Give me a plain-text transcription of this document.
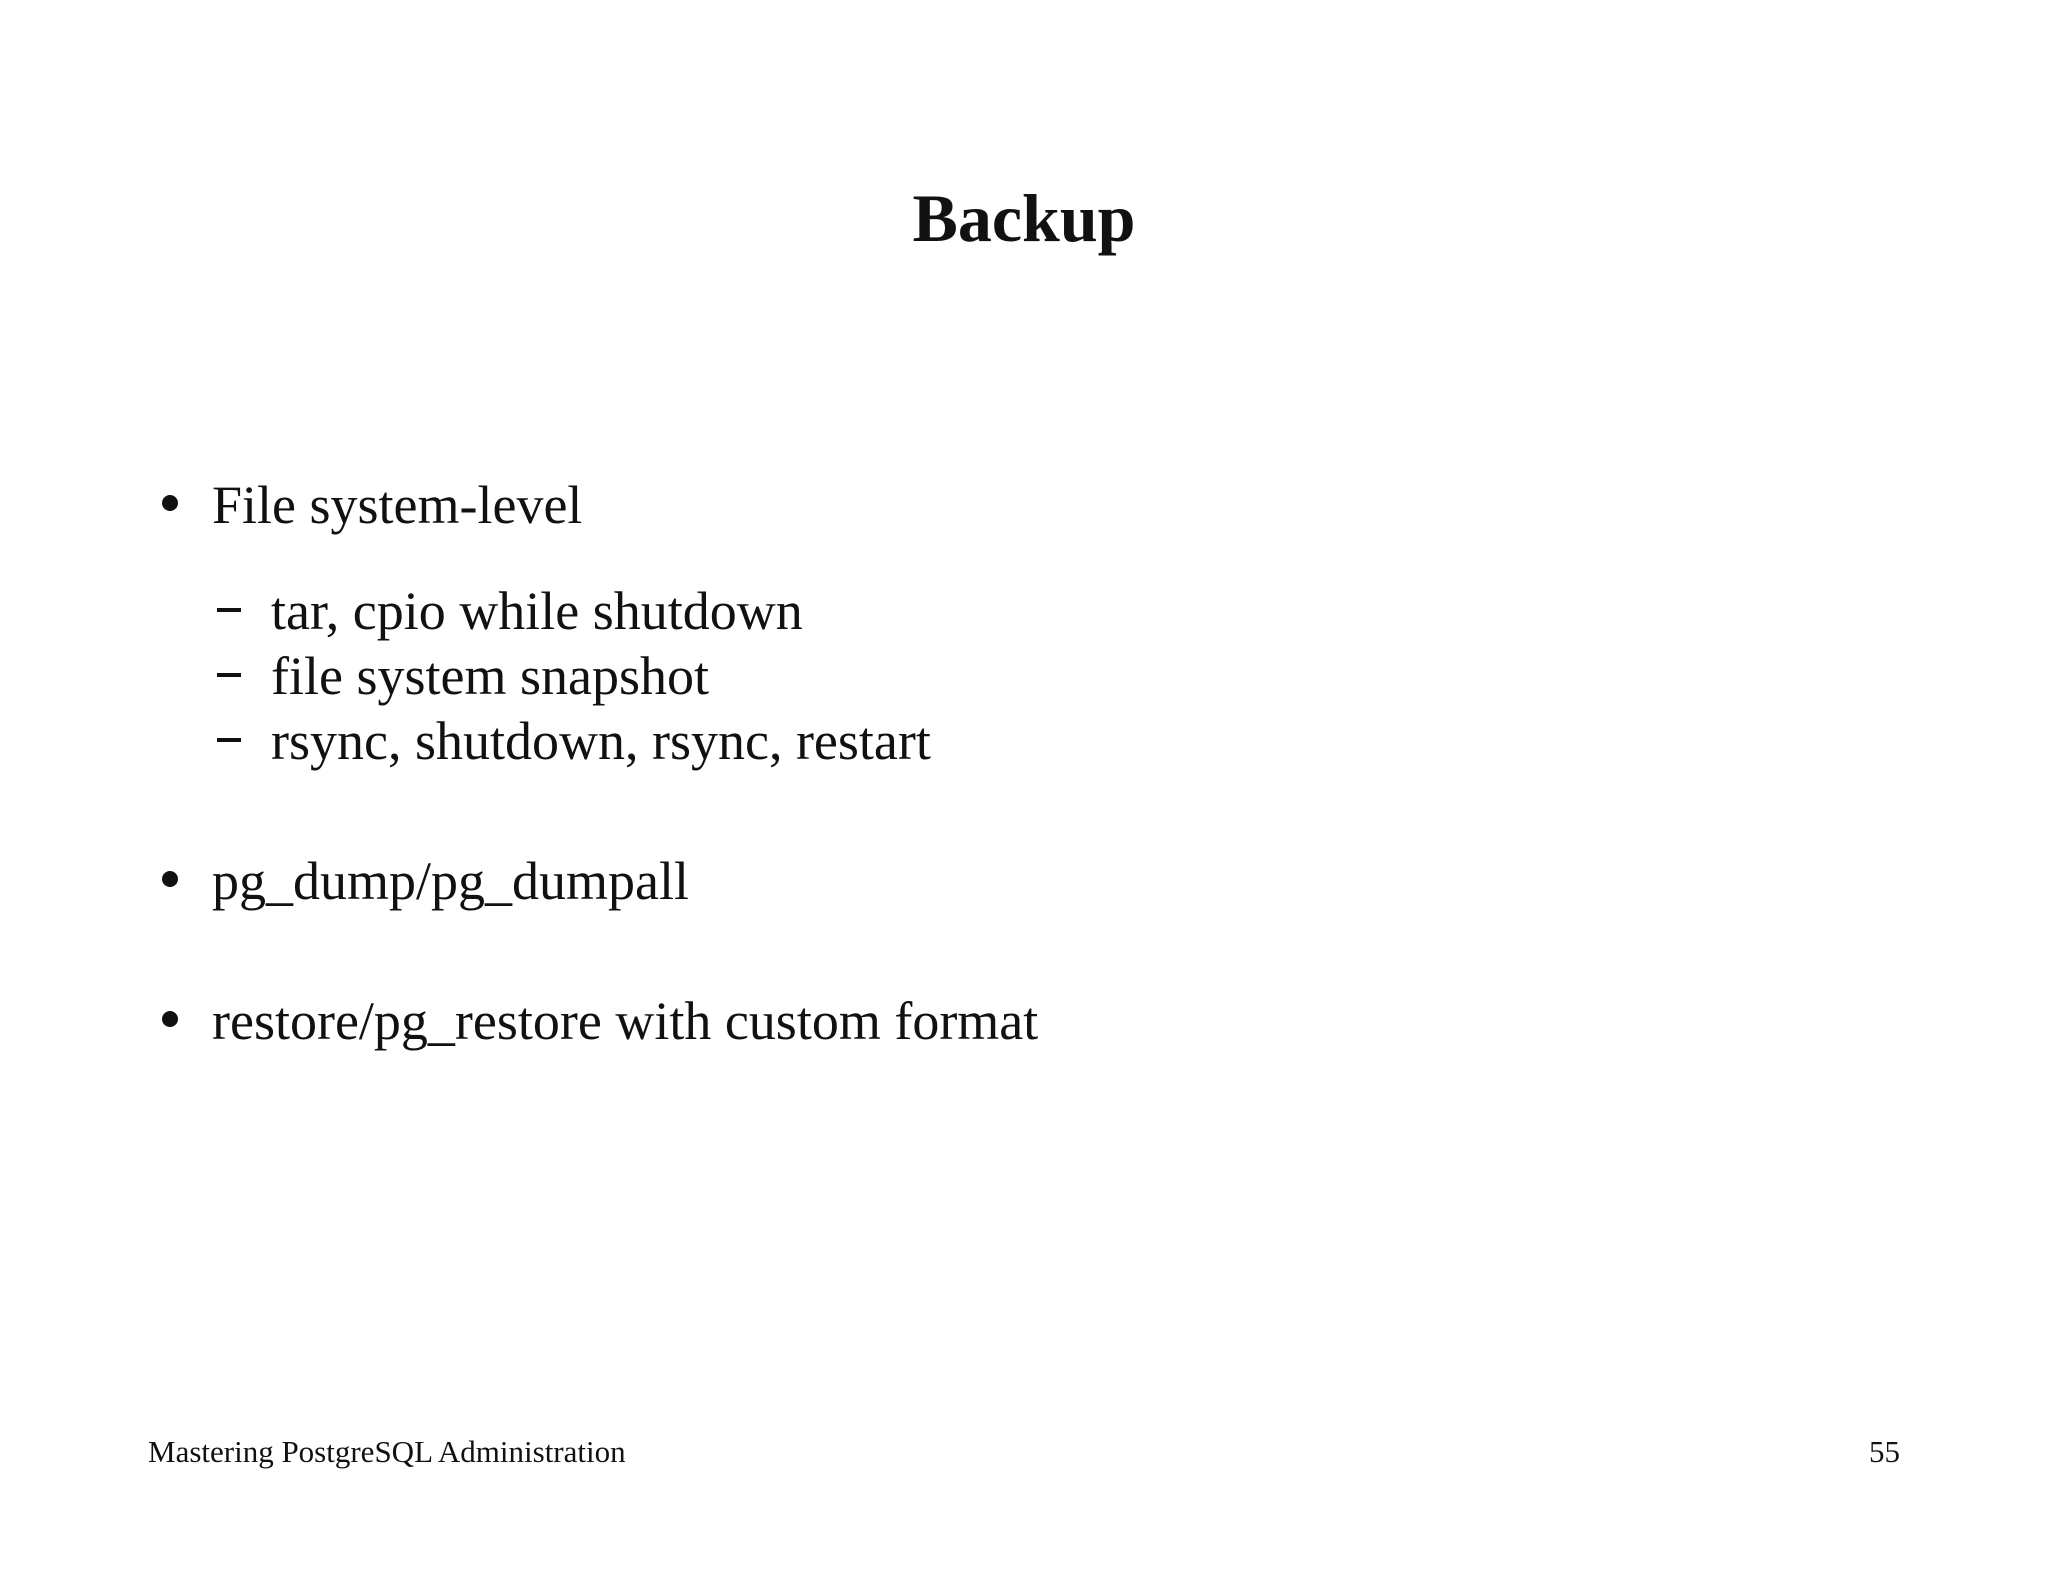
Backup
File system-level
tar, cpio while shutdown
file system snapshot
rsync, shutdown, rsync, restart
pg_dump/pg_dumpall
restore/pg_restore with custom format
Mastering PostgreSQL Administration	55
